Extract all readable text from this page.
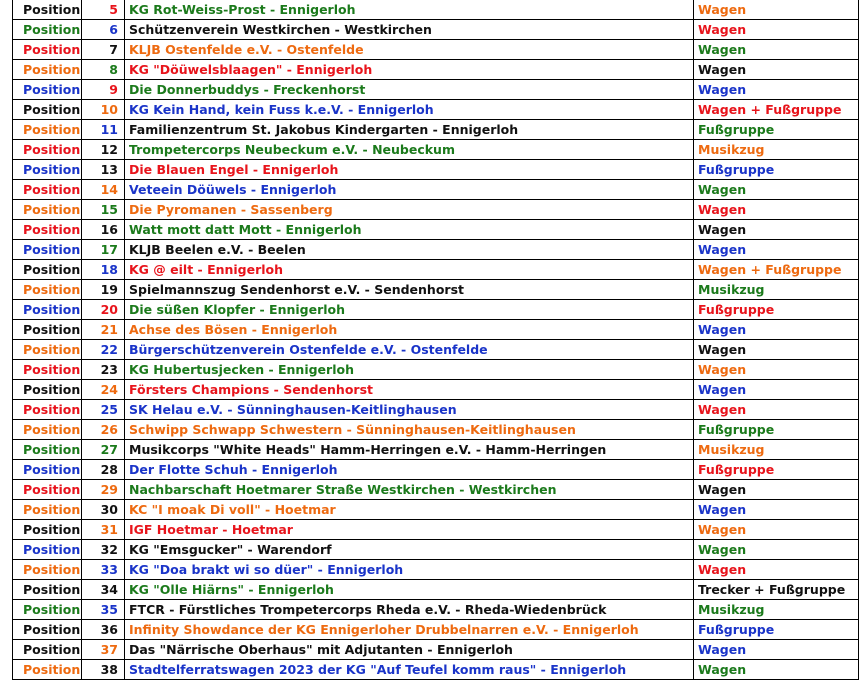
Position	5	KG Rot-Weiss-Prost - Ennigerloh	Wagen
Position	6	Schützenverein Westkirchen - Westkirchen	Wagen
Position	7	KLJB Ostenfelde e.V. - Ostenfelde	Wagen
Position	8	KG "Döüwelsblaagen" - Ennigerloh	Wagen
Position	9	Die Donnerbuddys - Freckenhorst	Wagen
Position	10	KG Kein Hand, kein Fuss k.e.V. - Ennigerloh	Wagen + Fußgruppe
Position	11	Familienzentrum St. Jakobus Kindergarten - Ennigerloh	Fußgruppe
Position	12	Trompetercorps Neubeckum e.V. - Neubeckum	Musikzug
Position	13	Die Blauen Engel - Ennigerloh	Fußgruppe
Position	14	Veteein Döüwels - Ennigerloh	Wagen
Position	15	Die Pyromanen - Sassenberg	Wagen
Position	16	Watt mott datt Mott - Ennigerloh	Wagen
Position	17	KLJB Beelen e.V. - Beelen	Wagen
Position	18	KG @ eilt - Ennigerloh	Wagen + Fußgruppe
Position	19	Spielmannszug Sendenhorst e.V. - Sendenhorst	Musikzug
Position	20	Die süßen Klopfer - Ennigerloh	Fußgruppe
Position	21	Achse des Bösen - Ennigerloh	Wagen
Position	22	Bürgerschützenverein Ostenfelde e.V. - Ostenfelde	Wagen
Position	23	KG Hubertusjecken - Ennigerloh	Wagen
Position	24	Försters Champions - Sendenhorst	Wagen
Position	25	SK Helau e.V. - Sünninghausen-Keitlinghausen	Wagen
Position	26	Schwipp Schwapp Schwestern - Sünninghausen-Keitlinghausen	Fußgruppe
Position	27	Musikcorps "White Heads" Hamm-Herringen e.V. - Hamm-Herringen	Musikzug
Position	28	Der Flotte Schuh - Ennigerloh	Fußgruppe
Position	29	Nachbarschaft Hoetmarer Straße Westkirchen - Westkirchen	Wagen
Position	30	KC "I moak Di voll" - Hoetmar	Wagen
Position	31	IGF Hoetmar - Hoetmar	Wagen
Position	32	KG "Emsgucker" - Warendorf	Wagen
Position	33	KG "Doa brakt wi so düer" - Ennigerloh	Wagen
Position	34	KG "Olle Hiärns" - Ennigerloh	Trecker + Fußgruppe
Position	35	FTCR - Fürstliches Trompetercorps Rheda e.V. - Rheda-Wiedenbrück	Musikzug
Position	36	Infinity Showdance der KG Ennigerloher Drubbelnarren e.V. - Ennigerloh	Fußgruppe
Position	37	Das "Närrische Oberhaus" mit Adjutanten - Ennigerloh	Wagen
Position	38	Stadtelferratswagen 2023 der KG "Auf Teufel komm raus" - Ennigerloh	Wagen
